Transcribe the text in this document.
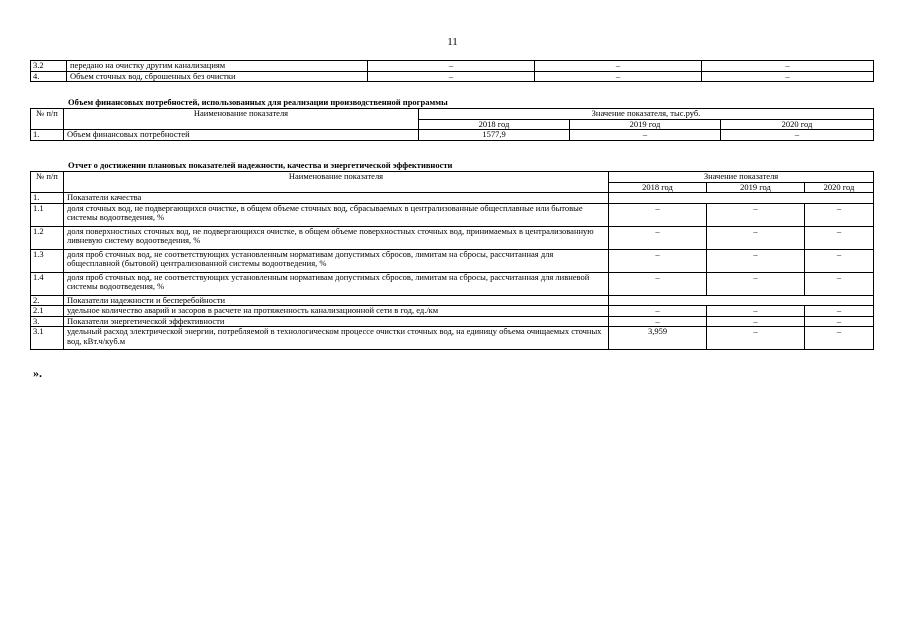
11
3.2	передано на очистку другим канализациям	–	–	–
4.	Объем сточных вод, сброшенных без очистки	–	–	–
Объем финансовых потребностей, использованных для реализации производственной программы
№ п/п	Наименование показателя	Значение показателя, тыс.руб.		
		2018 год	2019 год	2020 год
1.	Объем финансовых потребностей	1577,9	–	–
Отчет о достижении плановых показателей надежности, качества и энергетической эффективности
№ п/п	Наименование показателя	Значение показателя		
		2018 год	2019 год	2020 год
1.	Показатели качества			
1.1	доля сточных вод, не подвергающихся очистке, в общем объеме сточных вод, сбрасываемых в централизованные общесплавные или бытовые системы водоотведения, %	–	–	–
1.2	доля поверхностных сточных вод, не подвергающихся очистке, в общем объеме поверхностных сточных вод, принимаемых в централизованную ливневую систему водоотведения, %	–	–	–
1.3	доля проб сточных вод, не соответствующих установленным нормативам допустимых сбросов, лимитам на сбросы, рассчитанная для общесплавной (бытовой) централизованной системы водоотведения, %	–	–	–
1.4	доля проб сточных вод, не соответствующих установленным нормативам допустимых сбросов, лимитам на сбросы, рассчитанная для ливневой системы водоотведения, %	–	–	–
2.	Показатели надежности и бесперебойности			
2.1	удельное количество аварий и засоров в расчете на протяженность канализационной сети в год, ед./км	–	–	–
3.	Показатели энергетической эффективности	–	–	–
3.1	удельный расход электрической энергии, потребляемой в технологическом процессе очистки сточных вод, на единицу объема очищаемых сточных вод, кВт.ч/куб.м	3,959	–	–
».
